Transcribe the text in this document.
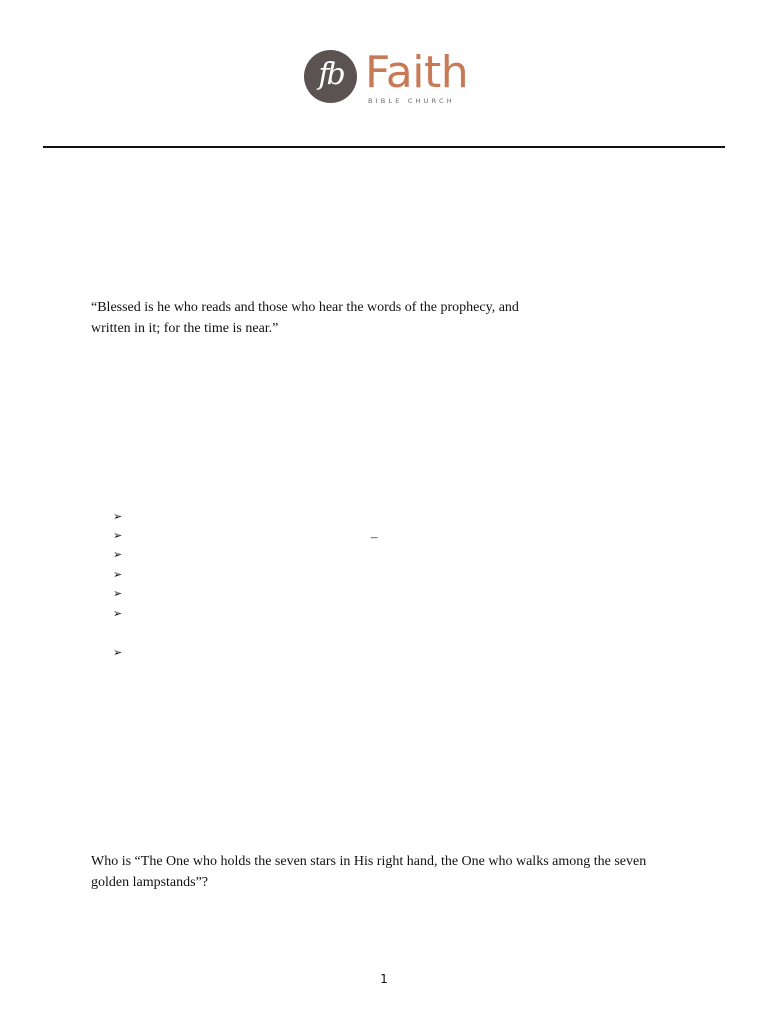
fb Faith
BIBLE CHURCH

“Blessed is he who reads and those who hear the words of the prophecy, and
written in it; for the time is near.”

➢
➢
➢
➢
➢
➢
➢
–

Who is “The One who holds the seven stars in His right hand, the One who walks among the seven
golden lampstands”?

1
